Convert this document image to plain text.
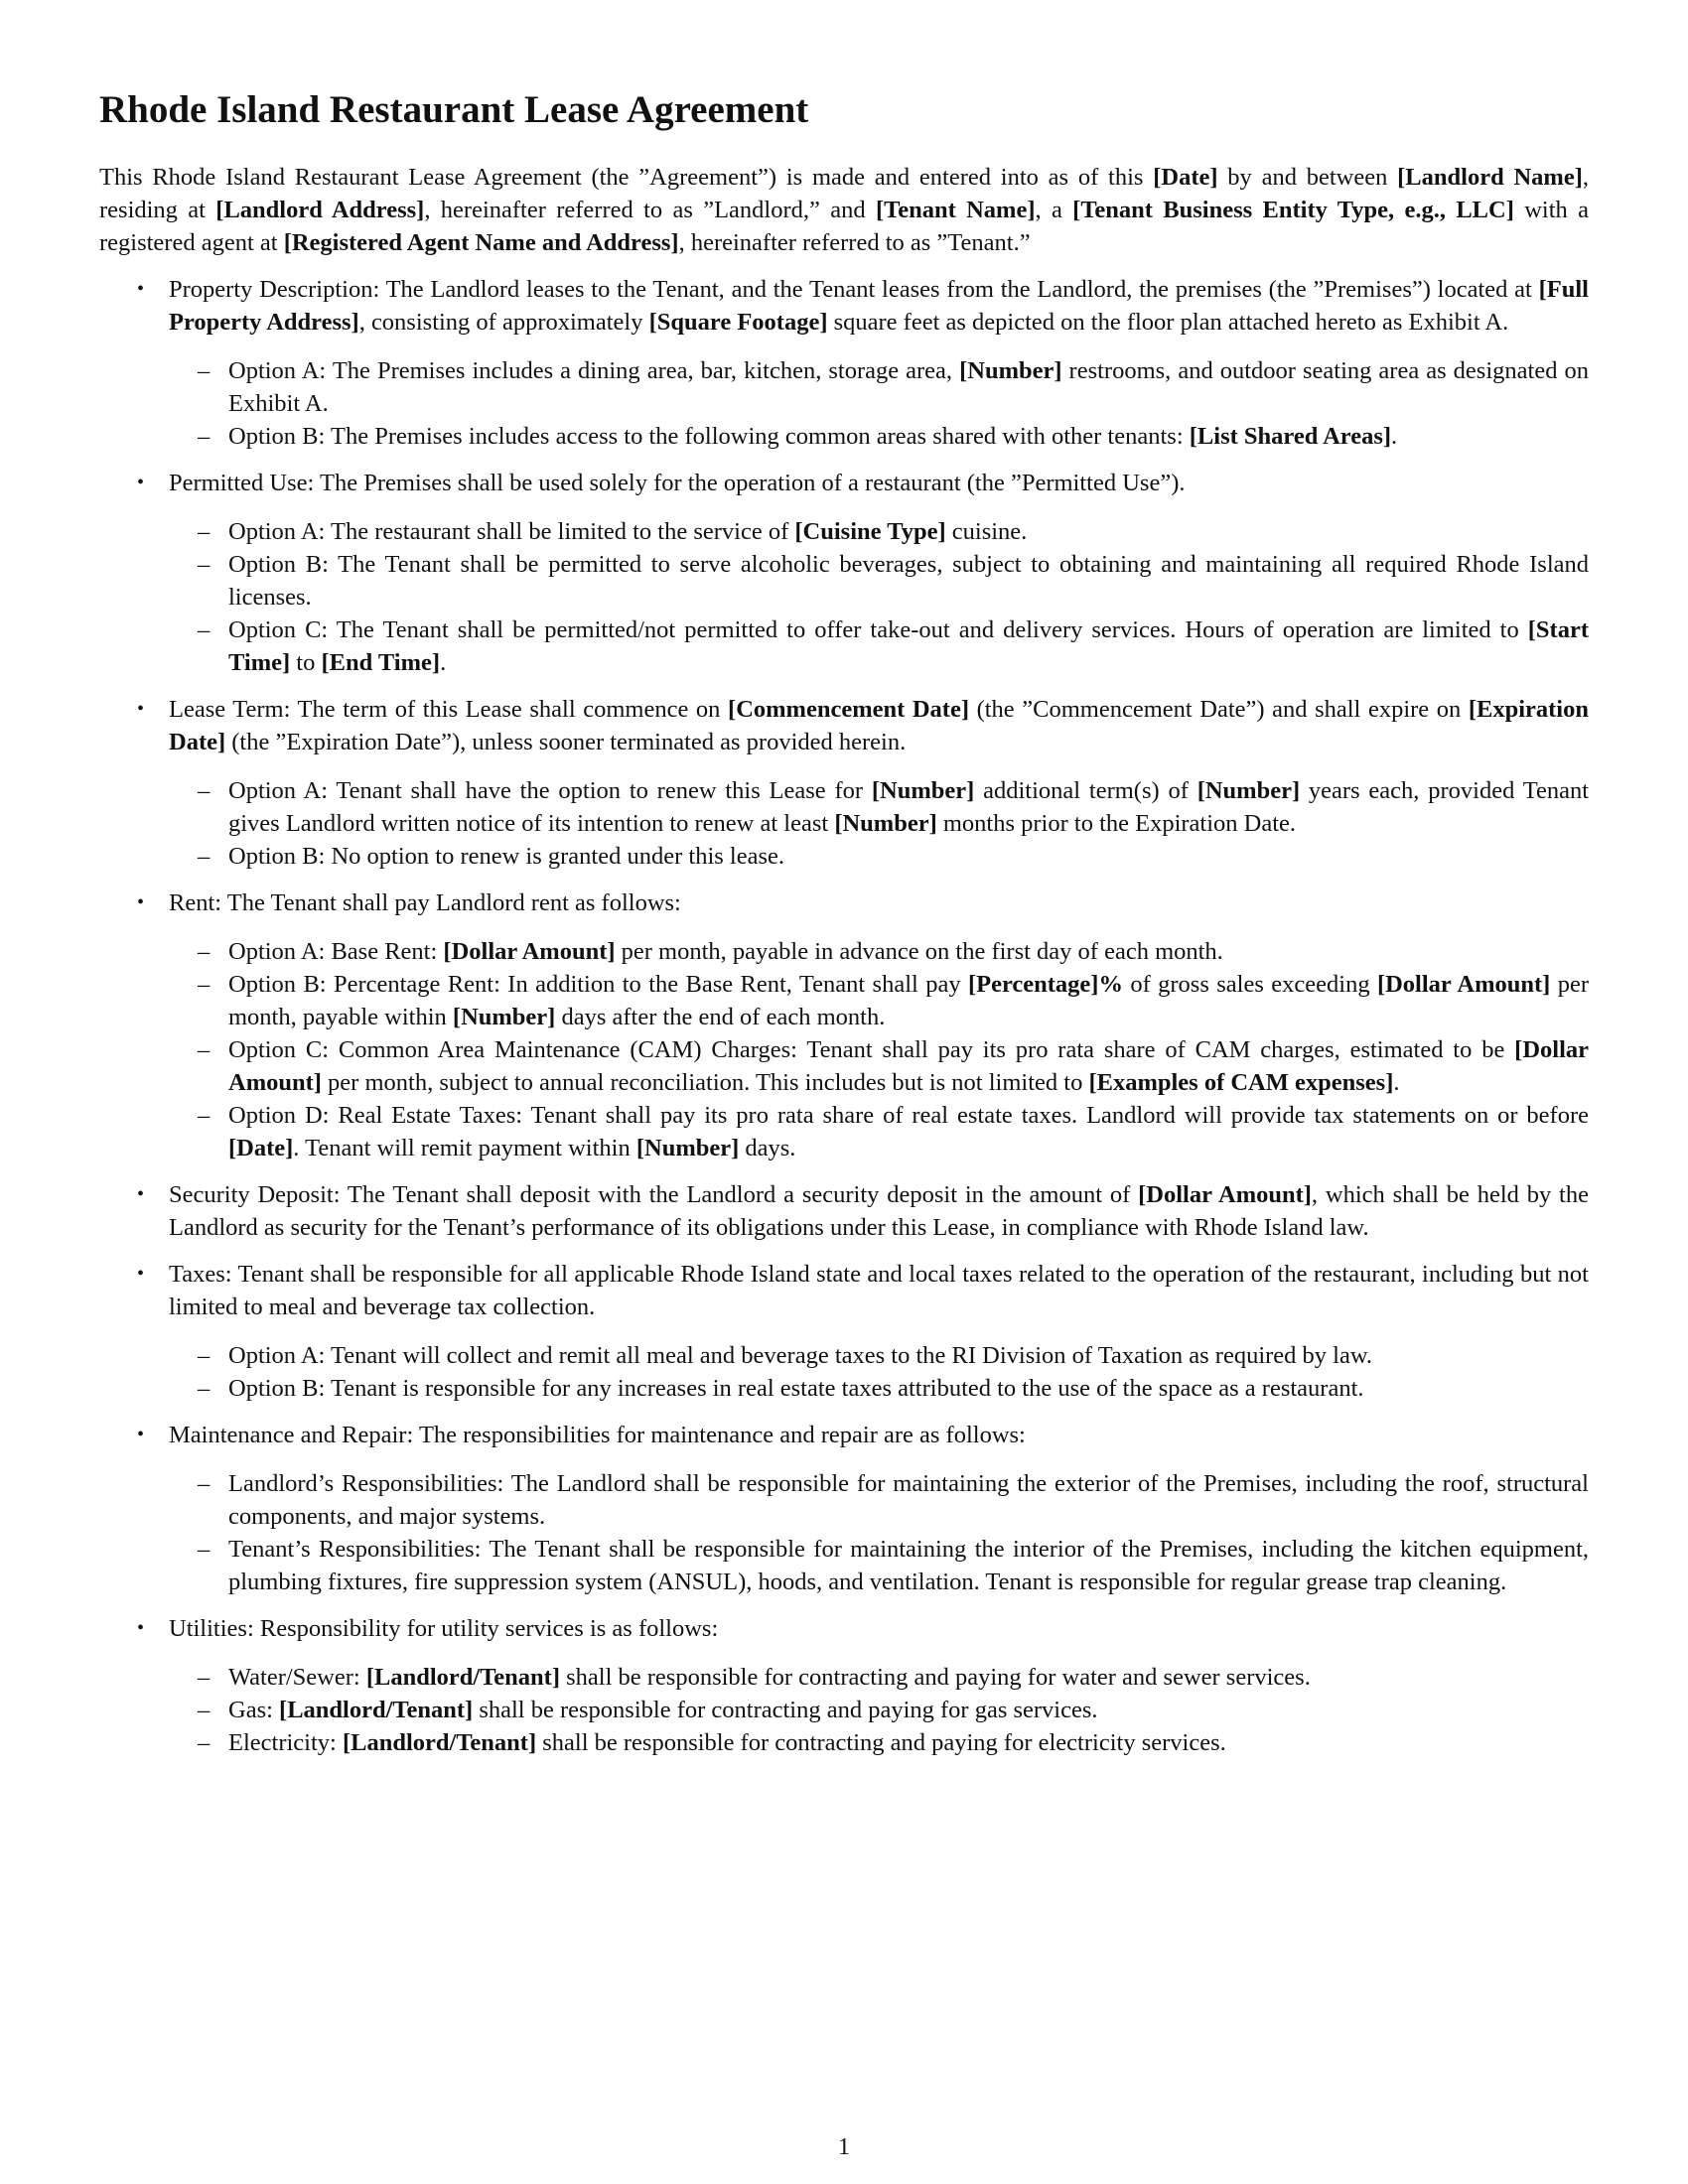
Rhode Island Restaurant Lease Agreement

This Rhode Island Restaurant Lease Agreement (the ”Agreement”) is made and entered into as of this [Date] by and between [Landlord Name], residing at [Landlord Address], hereinafter referred to as ”Landlord,” and [Tenant Name], a [Tenant Business Entity Type, e.g., LLC] with a registered agent at [Registered Agent Name and Address], hereinafter referred to as ”Tenant.”

• Property Description: The Landlord leases to the Tenant, and the Tenant leases from the Landlord, the premises (the ”Premises”) located at [Full Property Address], consisting of approximately [Square Footage] square feet as depicted on the floor plan attached hereto as Exhibit A.
– Option A: The Premises includes a dining area, bar, kitchen, storage area, [Number] restrooms, and outdoor seating area as designated on Exhibit A.
– Option B: The Premises includes access to the following common areas shared with other tenants: [List Shared Areas].
• Permitted Use: The Premises shall be used solely for the operation of a restaurant (the ”Permitted Use”).
– Option A: The restaurant shall be limited to the service of [Cuisine Type] cuisine.
– Option B: The Tenant shall be permitted to serve alcoholic beverages, subject to obtaining and maintaining all required Rhode Island licenses.
– Option C: The Tenant shall be permitted/not permitted to offer take-out and delivery services. Hours of operation are limited to [Start Time] to [End Time].
• Lease Term: The term of this Lease shall commence on [Commencement Date] (the ”Commencement Date”) and shall expire on [Expiration Date] (the ”Expiration Date”), unless sooner terminated as provided herein.
– Option A: Tenant shall have the option to renew this Lease for [Number] additional term(s) of [Number] years each, provided Tenant gives Landlord written notice of its intention to renew at least [Number] months prior to the Expiration Date.
– Option B: No option to renew is granted under this lease.
• Rent: The Tenant shall pay Landlord rent as follows:
– Option A: Base Rent: [Dollar Amount] per month, payable in advance on the first day of each month.
– Option B: Percentage Rent: In addition to the Base Rent, Tenant shall pay [Percentage]% of gross sales exceeding [Dollar Amount] per month, payable within [Number] days after the end of each month.
– Option C: Common Area Maintenance (CAM) Charges: Tenant shall pay its pro rata share of CAM charges, estimated to be [Dollar Amount] per month, subject to annual reconciliation. This includes but is not limited to [Examples of CAM expenses].
– Option D: Real Estate Taxes: Tenant shall pay its pro rata share of real estate taxes. Landlord will provide tax statements on or before [Date]. Tenant will remit payment within [Number] days.
• Security Deposit: The Tenant shall deposit with the Landlord a security deposit in the amount of [Dollar Amount], which shall be held by the Landlord as security for the Tenant’s performance of its obligations under this Lease, in compliance with Rhode Island law.
• Taxes: Tenant shall be responsible for all applicable Rhode Island state and local taxes related to the operation of the restaurant, including but not limited to meal and beverage tax collection.
– Option A: Tenant will collect and remit all meal and beverage taxes to the RI Division of Taxation as required by law.
– Option B: Tenant is responsible for any increases in real estate taxes attributed to the use of the space as a restaurant.
• Maintenance and Repair: The responsibilities for maintenance and repair are as follows:
– Landlord’s Responsibilities: The Landlord shall be responsible for maintaining the exterior of the Premises, including the roof, structural components, and major systems.
– Tenant’s Responsibilities: The Tenant shall be responsible for maintaining the interior of the Premises, including the kitchen equipment, plumbing fixtures, fire suppression system (ANSUL), hoods, and ventilation. Tenant is responsible for regular grease trap cleaning.
• Utilities: Responsibility for utility services is as follows:
– Water/Sewer: [Landlord/Tenant] shall be responsible for contracting and paying for water and sewer services.
– Gas: [Landlord/Tenant] shall be responsible for contracting and paying for gas services.
– Electricity: [Landlord/Tenant] shall be responsible for contracting and paying for electricity services.
1
